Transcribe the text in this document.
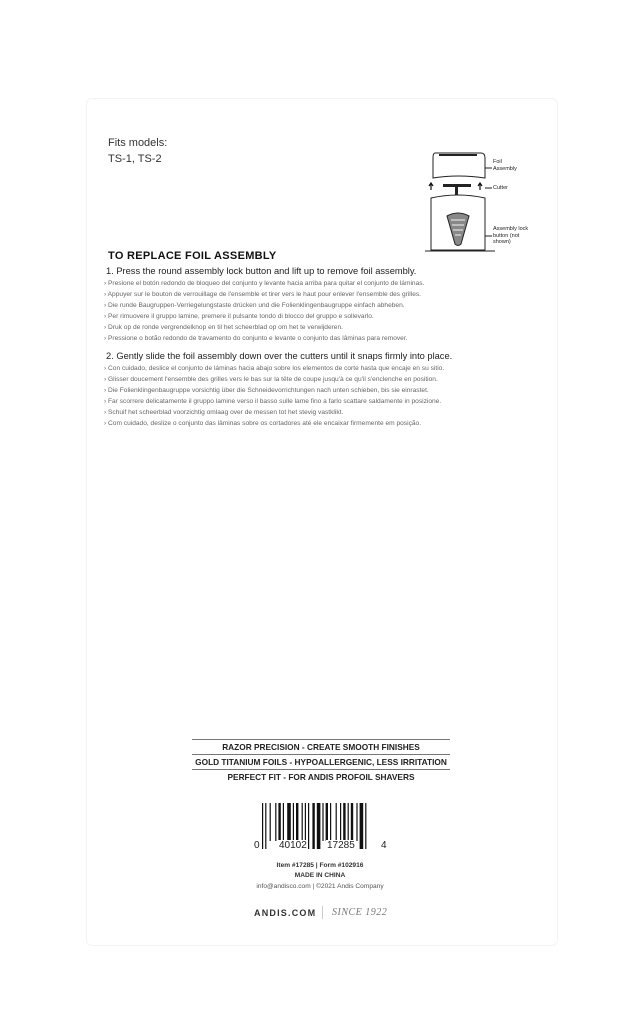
Fits models:
TS-1, TS-2	Foil Assembly
Cutter
Assembly lock button (not shown)
TO REPLACE FOIL ASSEMBLY
1. Press the round assembly lock button and lift up to remove foil assembly.
› Presione el botón redondo de bloqueo del conjunto y levante hacia arriba para quitar el conjunto de láminas.
› Appuyer sur le bouton de verrouillage de l'ensemble et tirer vers le haut pour enlever l'ensemble des grilles.
› Die runde Baugruppen-Verriegelungstaste drücken und die Folienklingenbaugruppe einfach abheben.
› Per rimuovere il gruppo lamine, premere il pulsante tondo di blocco del gruppo e sollevarlo.
› Druk op de ronde vergrendelknop en til het scheerblad op om het te verwijderen.
› Pressione o botão redondo de travamento do conjunto e levante o conjunto das lâminas para remover.
2. Gently slide the foil assembly down over the cutters until it snaps firmly into place.
› Con cuidado, deslice el conjunto de láminas hacia abajo sobre los elementos de corte hasta que encaje en su sitio.
› Glisser doucement l'ensemble des grilles vers le bas sur la tête de coupe jusqu'à ce qu'il s'enclenche en position.
› Die Folienklingenbaugruppe vorsichtig über die Schneidevorrichtungen nach unten schieben, bis sie einrastet.
› Far scorrere delicatamente il gruppo lamine verso il basso sulle lame fino a farlo scattare saldamente in posizione.
› Schuif het scheerblad voorzichtig omlaag over de messen tot het stevig vastklikt.
› Com cuidado, deslize o conjunto das lâminas sobre os cortadores até ele encaixar firmemente em posição.
RAZOR PRECISION - CREATE SMOOTH FINISHES
GOLD TITANIUM FOILS - HYPOALLERGENIC, LESS IRRITATION
PERFECT FIT - FOR ANDIS PROFOIL SHAVERS
0 40102 17285	4
Item #17285 | Form #102916
MADE IN CHINA
info@andisco.com | ©2021 Andis Company
ANDIS.COM SINCE 1922
